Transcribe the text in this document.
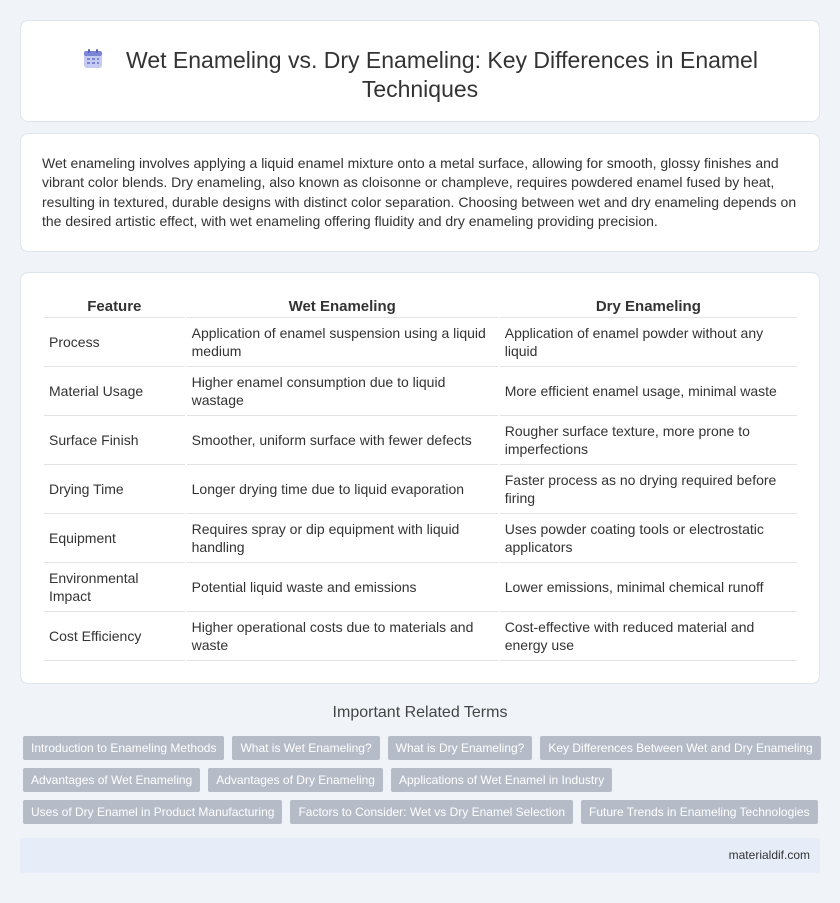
Wet Enameling vs. Dry Enameling: Key Differences in Enamel Techniques

Wet enameling involves applying a liquid enamel mixture onto a metal surface, allowing for smooth, glossy finishes and vibrant color blends. Dry enameling, also known as cloisonne or champleve, requires powdered enamel fused by heat, resulting in textured, durable designs with distinct color separation. Choosing between wet and dry enameling depends on the desired artistic effect, with wet enameling offering fluidity and dry enameling providing precision.

Feature	Wet Enameling	Dry Enameling
Process	Application of enamel suspension using a liquid medium	Application of enamel powder without any liquid
Material Usage	Higher enamel consumption due to liquid wastage	More efficient enamel usage, minimal waste
Surface Finish	Smoother, uniform surface with fewer defects	Rougher surface texture, more prone to imperfections
Drying Time	Longer drying time due to liquid evaporation	Faster process as no drying required before firing
Equipment	Requires spray or dip equipment with liquid handling	Uses powder coating tools or electrostatic applicators
Environmental Impact	Potential liquid waste and emissions	Lower emissions, minimal chemical runoff
Cost Efficiency	Higher operational costs due to materials and waste	Cost-effective with reduced material and energy use
Important Related Terms
Introduction to Enameling Methods	What is Wet Enameling?	What is Dry Enameling?	Key Differences Between Wet and Dry Enameling
Advantages of Wet Enameling	Advantages of Dry Enameling	Applications of Wet Enamel in Industry
Uses of Dry Enamel in Product Manufacturing	Factors to Consider: Wet vs Dry Enamel Selection	Future Trends in Enameling Technologies
materialdif.com
